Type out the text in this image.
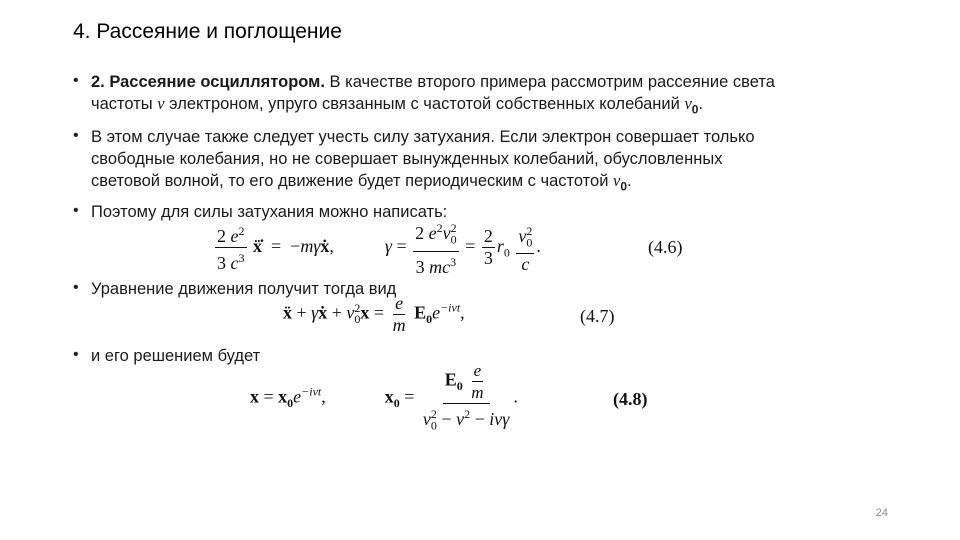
4. Рассеяние и поглощение
• 2. Рассеяние осциллятором. В качестве второго примера рассмотрим рассеяние света
частоты ν электроном, упруго связанным с частотой собственных колебаний $\nu_0$.
• В этом случае также следует учесть силу затухания. Если электрон совершает только
свободные колебания, но не совершает вынужденных колебаний, обусловленных
световой волной, то его движение будет периодическим с частотой $\nu_0$.
• Поэтому для силы затухания можно написать:
$\frac{2 e^2}{3 c^3}$ ẍ̇  =  −mγẋ,	$\gamma = \frac{2 e^2\nu_0^2}{3 mc^3} = \frac{2}{3} r_0 \frac{\nu_0^2}{c}$ .	(4.6)
• Уравнение движения получит тогда вид
ẍ + γẋ + $\nu_0^2x = \frac{e}{m} E_0e^{-i\nu t}$,	(4.7)
• и его решением будет
$x = x_0e^{-i\nu t}$,	$x_0 = \frac{E_0 \frac{e}{m}}{\nu_0^2 - \nu^2 - i\nu\gamma}$ .	(4.8)
24
